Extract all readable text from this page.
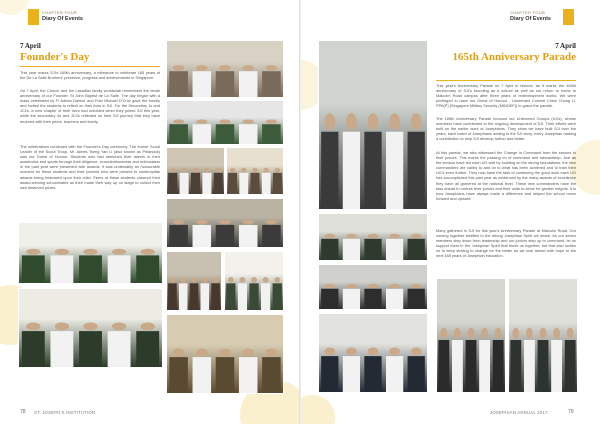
CHAPTER FOUR
Diary Of Events
7 April
Founder's Day
This year marks SJI's 165th anniversary, a milestone to celebrate 165 years of the De La Salle Brothers' presence, progress and achievements in Singapore.
On 7 April, the Church and the Lasallian family worldwide remembers the death anniversary of our Founder, St John Baptist de La Salle. The day began with a mass celebrated by Fr Adrian Danker and Friar Michael D'Cruz gave the homily and invited the students to reflect on their lives in SJI. For the Secondary 1s and JC1s, a new chapter of their lives had unfolded when they joined SJI this year, while the secondary 4s and JC2s reflected on their SJI journey that they have endured with their peers, teachers and family.
The celebrations continued with the Founder's Day ceremony. The former Scout Leader of the Scout Troop, Mr James Tseng Yan Li (also known as Pelandok) was our Guest of Honour. Students who had stretched their talents in their academics and sports through their diligence, conscientiousness and enthusiasm in the past year were presented with awards. It was undeniably an honourable moment for these students and their parents who were present to contemplate awards being bestowed upon their child. Peers of these students cheered their award-winning schoolmates as their made their way up on stage to collect their well deserved prizes.
78 ST. JOSEPH'S INSTITUTION
CHAPTER FOUR
Diary Of Events
7 April
165th Anniversary Parade
This year's Anniversary Parade on 7 April is historic, as it marks the 165th anniversary of SJI's founding as a school as well as our return to home to Malcolm Road campus after three years of redevelopment works. We were privileged to have our Guest of Honour - Lieutenant Colonel Chew Chong Li, PPA(P) (Singapore Military Security (MINDEF)) to grace the parade.
The 165th Anniversary Parade honours our Uniformed Groups (UGs), whose members have contributed to the ongoing development of SJI. Their efforts were built on the earlier work of Josephians. They show we have built SJI over the years, each batch of Josephians adding to the SJI story, every Josephian making a contribution to help SJI develop further and better.
At this parade, we also witnessed the Change in Command from the seniors to their juniors. This marks the passing on of command and stewardship. Just as the seniors have led each UG well by building on the strong foundations, the new commanders are called to add on to what has been achieved and to train their UG's even further. They now have the task of continuing the good work each UG has accomplished this past year as evidenced by the many awards of excellence they have all garnered at the national level. These new commanders have the task ahead to nurture their juniors and their units to strive for greater heights. It is how Josephians have always made a difference and helped the school move forward and upward.
Many gathered in SJI for this year's Anniversary Parade at Malcolm Road. Our coming together testifies to the strong Josephian Spirit we share. As our senior members step down from leadership and our juniors step up to command, let us support them in the Josephian Spirit that binds us together, but that also invites us to keep striving to change for the better as we look ahead with hope to the next 165 years of Josephian education.
JOSEPHIAN ANNUAL 2017	79
